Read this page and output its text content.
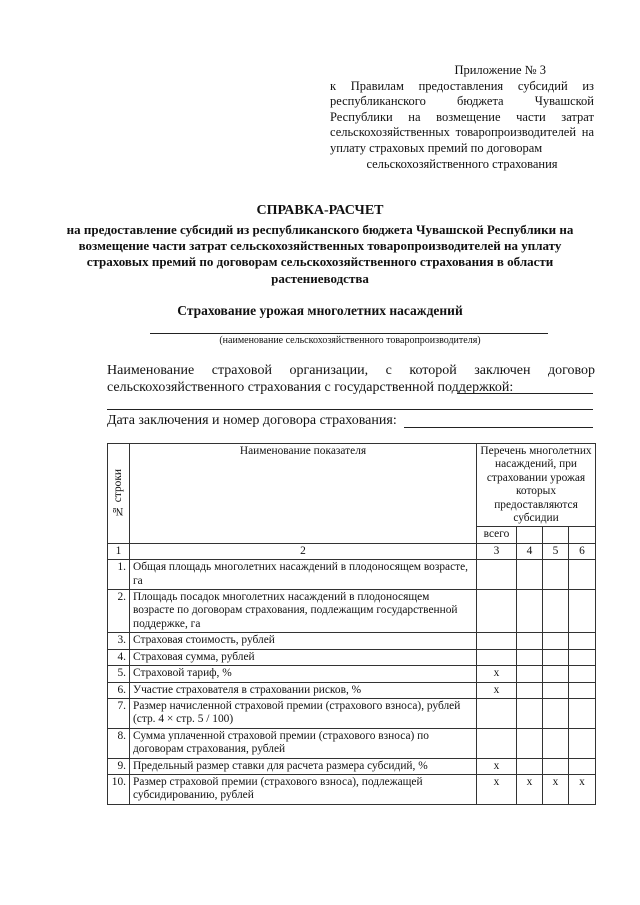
Приложение № 3
к Правилам предоставления субсидий из республиканского бюджета Чувашской Республики на возмещение части затрат сельскохозяйственных товаропроизводителей на уплату страховых премий по договорам
сельскохозяйственного страхования
СПРАВКА-РАСЧЕТ
на предоставление субсидий из республиканского бюджета Чувашской Республики на возмещение части затрат сельскохозяйственных товаропроизводителей на уплату страховых премий по договорам сельскохозяйственного страхования в области растениеводства
Страхование урожая многолетних насаждений
(наименование сельскохозяйственного товаропроизводителя)
Наименование страховой организации, с которой заключен договор сельскохозяйственного страхования с государственной поддержкой:
Дата заключения и номер договора страхования:
№ строки	Наименование показателя	Перечень многолетних насаждений, при страховании урожая которых предоставляются субсидии			
		всего			
1	2	3	4	5	6
1.	Общая площадь многолетних насаждений в плодоносящем возрасте, га				
2.	Площадь посадок многолетних насаждений в плодоносящем возрасте по договорам страхования, подлежащим государственной поддержке, га				
3.	Страховая стоимость, рублей				
4.	Страховая сумма, рублей				
5.	Страховой тариф, %	х			
6.	Участие страхователя в страховании рисков, %	х			
7.	Размер начисленной страховой премии (страхового взноса), рублей (стр. 4 × стр. 5 / 100)				
8.	Сумма уплаченной страховой премии (страхового взноса) по договорам страхования, рублей				
9.	Предельный размер ставки для расчета размера субсидий, %	х			
10.	Размер страховой премии (страхового взноса), подлежащей субсидированию, рублей	х	х	х	х
